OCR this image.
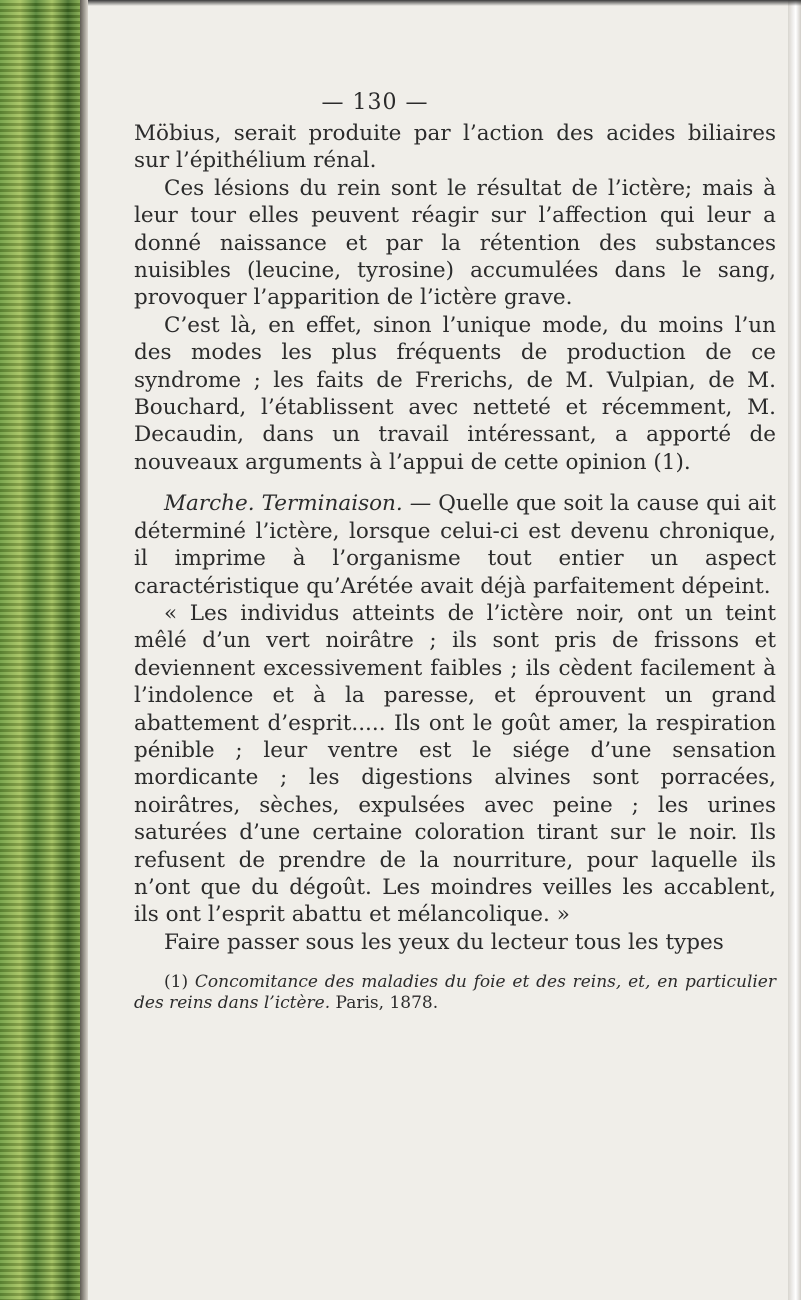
— 130 —

Möbius, serait produite par l’action des acides biliaires sur l’épithélium rénal.

Ces lésions du rein sont le résultat de l’ictère; mais à leur tour elles peuvent réagir sur l’affection qui leur a donné naissance et par la rétention des substances nuisibles (leucine, tyrosine) accumulées dans le sang, provoquer l’apparition de l’ictère grave.

C’est là, en effet, sinon l’unique mode, du moins l’un des modes les plus fréquents de production de ce syndrome ; les faits de Frerichs, de M. Vulpian, de M. Bouchard, l’établissent avec netteté et récemment, M. Decaudin, dans un travail intéressant, a apporté de nouveaux arguments à l’appui de cette opinion (1).

Marche. Terminaison. — Quelle que soit la cause qui ait déterminé l’ictère, lorsque celui-ci est devenu chronique, il imprime à l’organisme tout entier un aspect caractéristique qu’Arétée avait déjà parfaitement dépeint.

« Les individus atteints de l’ictère noir, ont un teint mêlé d’un vert noirâtre ; ils sont pris de frissons et deviennent excessivement faibles ; ils cèdent facilement à l’indolence et à la paresse, et éprouvent un grand abattement d’esprit..... Ils ont le goût amer, la respiration pénible ; leur ventre est le siége d’une sensation mordicante ; les digestions alvines sont porracées, noirâtres, sèches, expulsées avec peine ; les urines saturées d’une certaine coloration tirant sur le noir. Ils refusent de prendre de la nourriture, pour laquelle ils n’ont que du dégoût. Les moindres veilles les accablent, ils ont l’esprit abattu et mélancolique. »

Faire passer sous les yeux du lecteur tous les types

(1) Concomitance des maladies du foie et des reins, et, en particulier des reins dans l’ictère. Paris, 1878.
